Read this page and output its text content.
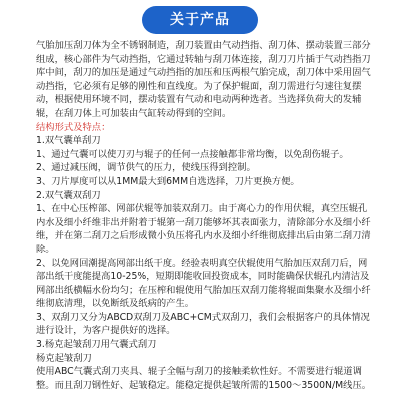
关于产品

气胎加压刮刀体为全不锈钢制造，刮刀装置由气动挡指、刮刀体、摆动装置三部分组成，核心部件为气动挡指，它通过转轴与刮刀体连接，刮刀刀片插于气动挡指刀库中间，刮刀的加压是通过气动挡指的加压和压两根气胎完成，刮刀体中采用固气动挡指，它必须有足够的刚性和直线度。为了保护辊面，刮刀需进行匀速往复摆动，根据使用环境不同，摆动装置有气动和电动两种选者。当选择负荷大的发辅辊，在刮刀体上可加装由气缸转动得到的空间。

结构形式及特点：

1.双气囊单刮刀

1、通过气囊可以使刀刃与辊子的任何一点接触都非常均衡，以免刮伤辊子。

2、通过减压阀，调节供气的压力，使线压得到控制。

3、刀片厚度可以从1MM最大到6MM自选选择，刀片更换方便。

2.双气囊双刮刀

1、在中心压榨部、网部伏辊等加装双刮刀。由于离心力的作用伏辊，真空压辊孔内水及细小纤维非出并附着于辊第一刮刀能够坏其表面张力，清除部分水及细小纤维，并在第二刮刀之后形成微小负压将孔内水及细小纤维彻底排出后由第二刮刀清除。

2、以免网回潮提高网部出纸干度。经验表明真空伏辊使用气胎加压双刮刀后，网部出纸干度能提高10-25%，短期即能收回投资成本，同时能确保伏辊孔内清洁及网部出纸横幅水份均匀；在压榨和辊使用气胎加压双刮刀能将辊面集聚水及细小纤维彻底清理，以免断纸及纸病的产生。

3、双刮刀又分为ABCD双刮刀及ABC+CM式双刮刀，我们会根据客户的具体情况进行设计，为客户提供好的选择。

3.杨克起皱刮刀用气囊式刮刀

杨克起皱刮刀

使用ABC气囊式刮刀夹具、辊子全幅与刮刀的接触柔软性好。不需要进行辊道调整。而且刮刀钢性好、起皱稳定。能稳定提供起皱所需的1500～3500N/M线压。
